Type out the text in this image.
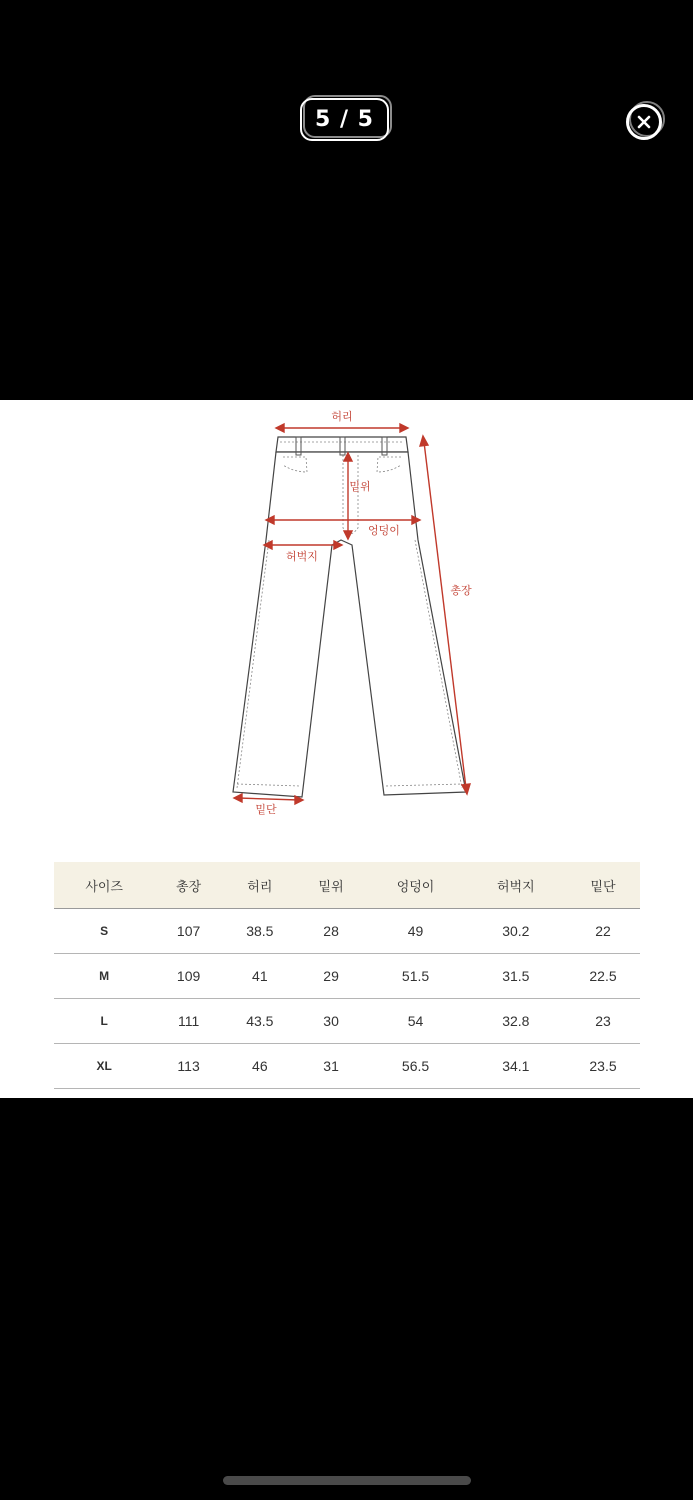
5 / 5
허리
밑위
엉덩이
허벅지
총장
밑단
사이즈	총장	허리	밑위	엉덩이	허벅지	밑단
S	107	38.5	28	49	30.2	22
M	109	41	29	51.5	31.5	22.5
L	111	43.5	30	54	32.8	23
XL	113	46	31	56.5	34.1	23.5
